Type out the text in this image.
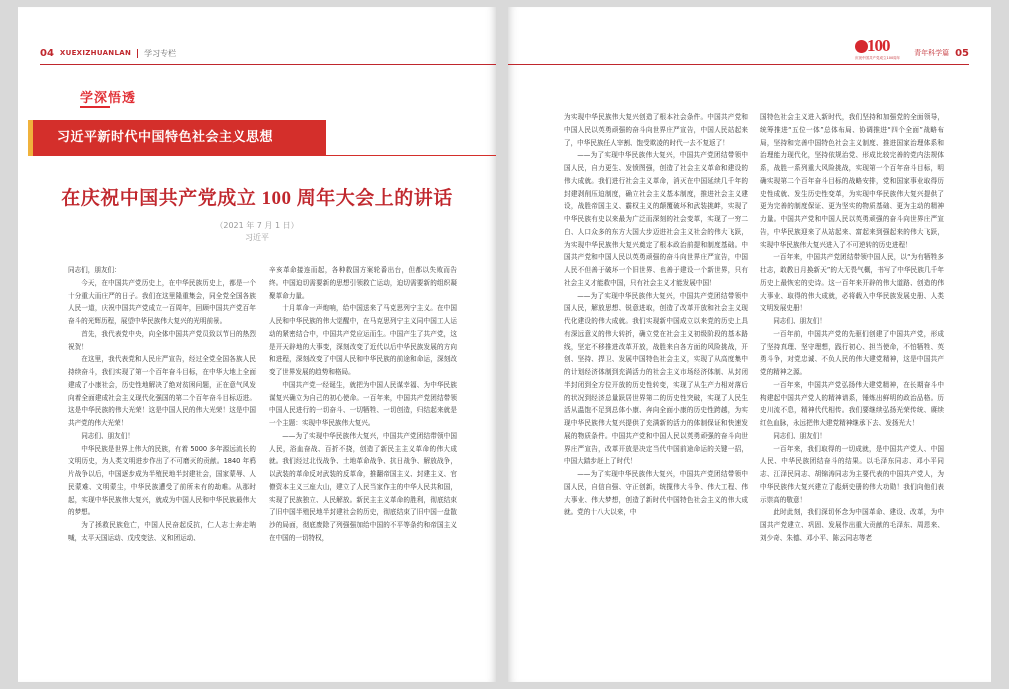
04 XUEXIZHUANLAN 学习专栏
学深悟透
习近平新时代中国特色社会主义思想
在庆祝中国共产党成立 100 周年大会上的讲话
（2021 年 7 月 1 日）
习近平

同志们，朋友们：

今天，在中国共产党历史上，在中华民族历史上，都是一个十分重大而庄严的日子。我们在这里隆重集会，同全党全国各族人民一道，庆祝中国共产党成立一百周年，回顾中国共产党百年奋斗的光辉历程，展望中华民族伟大复兴的光明前景。

首先，我代表党中央，向全体中国共产党员致以节日的热烈祝贺！

在这里，我代表党和人民庄严宣告，经过全党全国各族人民持续奋斗，我们实现了第一个百年奋斗目标，在中华大地上全面建成了小康社会，历史性地解决了绝对贫困问题，正在意气风发向着全面建成社会主义现代化强国的第二个百年奋斗目标迈进。这是中华民族的伟大光荣！这是中国人民的伟大光荣！这是中国共产党的伟大光荣！

同志们、朋友们！

中华民族是世界上伟大的民族，有着 5000 多年源远流长的文明历史，为人类文明进步作出了不可磨灭的贡献。1840 年鸦片战争以后，中国逐步成为半殖民地半封建社会，国家蒙辱、人民蒙难、文明蒙尘，中华民族遭受了前所未有的劫难。从那时起，实现中华民族伟大复兴，就成为中国人民和中华民族最伟大的梦想。

为了拯救民族危亡，中国人民奋起反抗，仁人志士奔走呐喊，太平天国运动、戊戌变法、义和团运动、

辛亥革命接连而起，各种救国方案轮番出台，但都以失败而告终。中国迫切需要新的思想引领救亡运动，迫切需要新的组织凝聚革命力量。

十月革命一声炮响，给中国送来了马克思列宁主义。在中国人民和中华民族的伟大觉醒中，在马克思列宁主义同中国工人运动的紧密结合中，中国共产党应运而生。中国产生了共产党，这是开天辟地的大事变，深刻改变了近代以后中华民族发展的方向和进程，深刻改变了中国人民和中华民族的前途和命运，深刻改变了世界发展的趋势和格局。

中国共产党一经诞生，就把为中国人民谋幸福、为中华民族谋复兴确立为自己的初心使命。一百年来，中国共产党团结带领中国人民进行的一切奋斗、一切牺牲、一切创造，归结起来就是一个主题：实现中华民族伟大复兴。

——为了实现中华民族伟大复兴，中国共产党团结带领中国人民，浴血奋战、百折不挠，创造了新民主主义革命的伟大成就。我们经过北伐战争、土地革命战争、抗日战争、解放战争，以武装的革命反对武装的反革命，推翻帝国主义、封建主义、官僚资本主义三座大山，建立了人民当家作主的中华人民共和国，实现了民族独立、人民解放。新民主主义革命的胜利，彻底结束了旧中国半殖民地半封建社会的历史，彻底结束了旧中国一盘散沙的局面，彻底废除了列强强加给中国的不平等条约和帝国主义在中国的一切特权，

100
庆祝中国共产党成立100周年
青年科学篇 05

为实现中华民族伟大复兴创造了根本社会条件。中国共产党和中国人民以英勇顽强的奋斗向世界庄严宣告，中国人民站起来了，中华民族任人宰割、饱受欺凌的时代一去不复返了！

——为了实现中华民族伟大复兴，中国共产党团结带领中国人民，自力更生、发愤图强，创造了社会主义革命和建设的伟大成就。我们进行社会主义革命，消灭在中国延续几千年的封建剥削压迫制度，确立社会主义基本制度，推进社会主义建设，战胜帝国主义、霸权主义的颠覆破坏和武装挑衅，实现了中华民族有史以来最为广泛而深刻的社会变革，实现了一穷二白、人口众多的东方大国大步迈进社会主义社会的伟大飞跃，为实现中华民族伟大复兴奠定了根本政治前提和制度基础。中国共产党和中国人民以英勇顽强的奋斗向世界庄严宣告，中国人民不但善于破坏一个旧世界、也善于建设一个新世界，只有社会主义才能救中国，只有社会主义才能发展中国！

——为了实现中华民族伟大复兴，中国共产党团结带领中国人民，解放思想、锐意进取，创造了改革开放和社会主义现代化建设的伟大成就。我们实现新中国成立以来党的历史上具有深远意义的伟大转折，确立党在社会主义初级阶段的基本路线，坚定不移推进改革开放，战胜来自各方面的风险挑战，开创、坚持、捍卫、发展中国特色社会主义，实现了从高度集中的计划经济体制到充满活力的社会主义市场经济体制、从封闭半封闭到全方位开放的历史性转变，实现了从生产力相对落后的状况到经济总量跃居世界第二的历史性突破，实现了人民生活从温饱不足到总体小康、奔向全面小康的历史性跨越，为实现中华民族伟大复兴提供了充满新的活力的体制保证和快速发展的物质条件。中国共产党和中国人民以英勇顽强的奋斗向世界庄严宣告，改革开放是决定当代中国前途命运的关键一招，中国大踏步赶上了时代！

——为了实现中华民族伟大复兴，中国共产党团结带领中国人民，自信自强、守正创新，统揽伟大斗争、伟大工程、伟大事业、伟大梦想，创造了新时代中国特色社会主义的伟大成就。党的十八大以来，中

国特色社会主义进入新时代，我们坚持和加强党的全面领导，统筹推进“五位一体”总体布局、协调推进“四个全面”战略布局，坚持和完善中国特色社会主义制度、推进国家治理体系和治理能力现代化，坚持依规治党、形成比较完善的党内法规体系，战胜一系列重大风险挑战，实现第一个百年奋斗目标，明确实现第二个百年奋斗目标的战略安排，党和国家事业取得历史性成就、发生历史性变革，为实现中华民族伟大复兴提供了更为完善的制度保证、更为坚实的物质基础、更为主动的精神力量。中国共产党和中国人民以英勇顽强的奋斗向世界庄严宣告，中华民族迎来了从站起来、富起来到强起来的伟大飞跃，实现中华民族伟大复兴进入了不可逆转的历史进程！

一百年来，中国共产党团结带领中国人民，以“为有牺牲多壮志，敢教日月换新天”的大无畏气概，书写了中华民族几千年历史上最恢宏的史诗。这一百年来开辟的伟大道路、创造的伟大事业、取得的伟大成就，必将载入中华民族发展史册、人类文明发展史册！

同志们、朋友们！

一百年前，中国共产党的先驱们创建了中国共产党，形成了坚持真理、坚守理想，践行初心、担当使命，不怕牺牲、英勇斗争，对党忠诚、不负人民的伟大建党精神，这是中国共产党的精神之源。

一百年来，中国共产党弘扬伟大建党精神，在长期奋斗中构建起中国共产党人的精神谱系，锤炼出鲜明的政治品格。历史川流不息，精神代代相传。我们要继续弘扬光荣传统、赓续红色血脉，永远把伟大建党精神继承下去、发扬光大！

同志们、朋友们！

一百年来，我们取得的一切成就，是中国共产党人、中国人民、中华民族团结奋斗的结果。以毛泽东同志、邓小平同志、江泽民同志、胡锦涛同志为主要代表的中国共产党人，为中华民族伟大复兴建立了彪炳史册的伟大功勋！我们向他们表示崇高的敬意！

此时此刻，我们深切怀念为中国革命、建设、改革，为中国共产党建立、巩固、发展作出重大贡献的毛泽东、周恩来、刘少奇、朱德、邓小平、陈云同志等老
